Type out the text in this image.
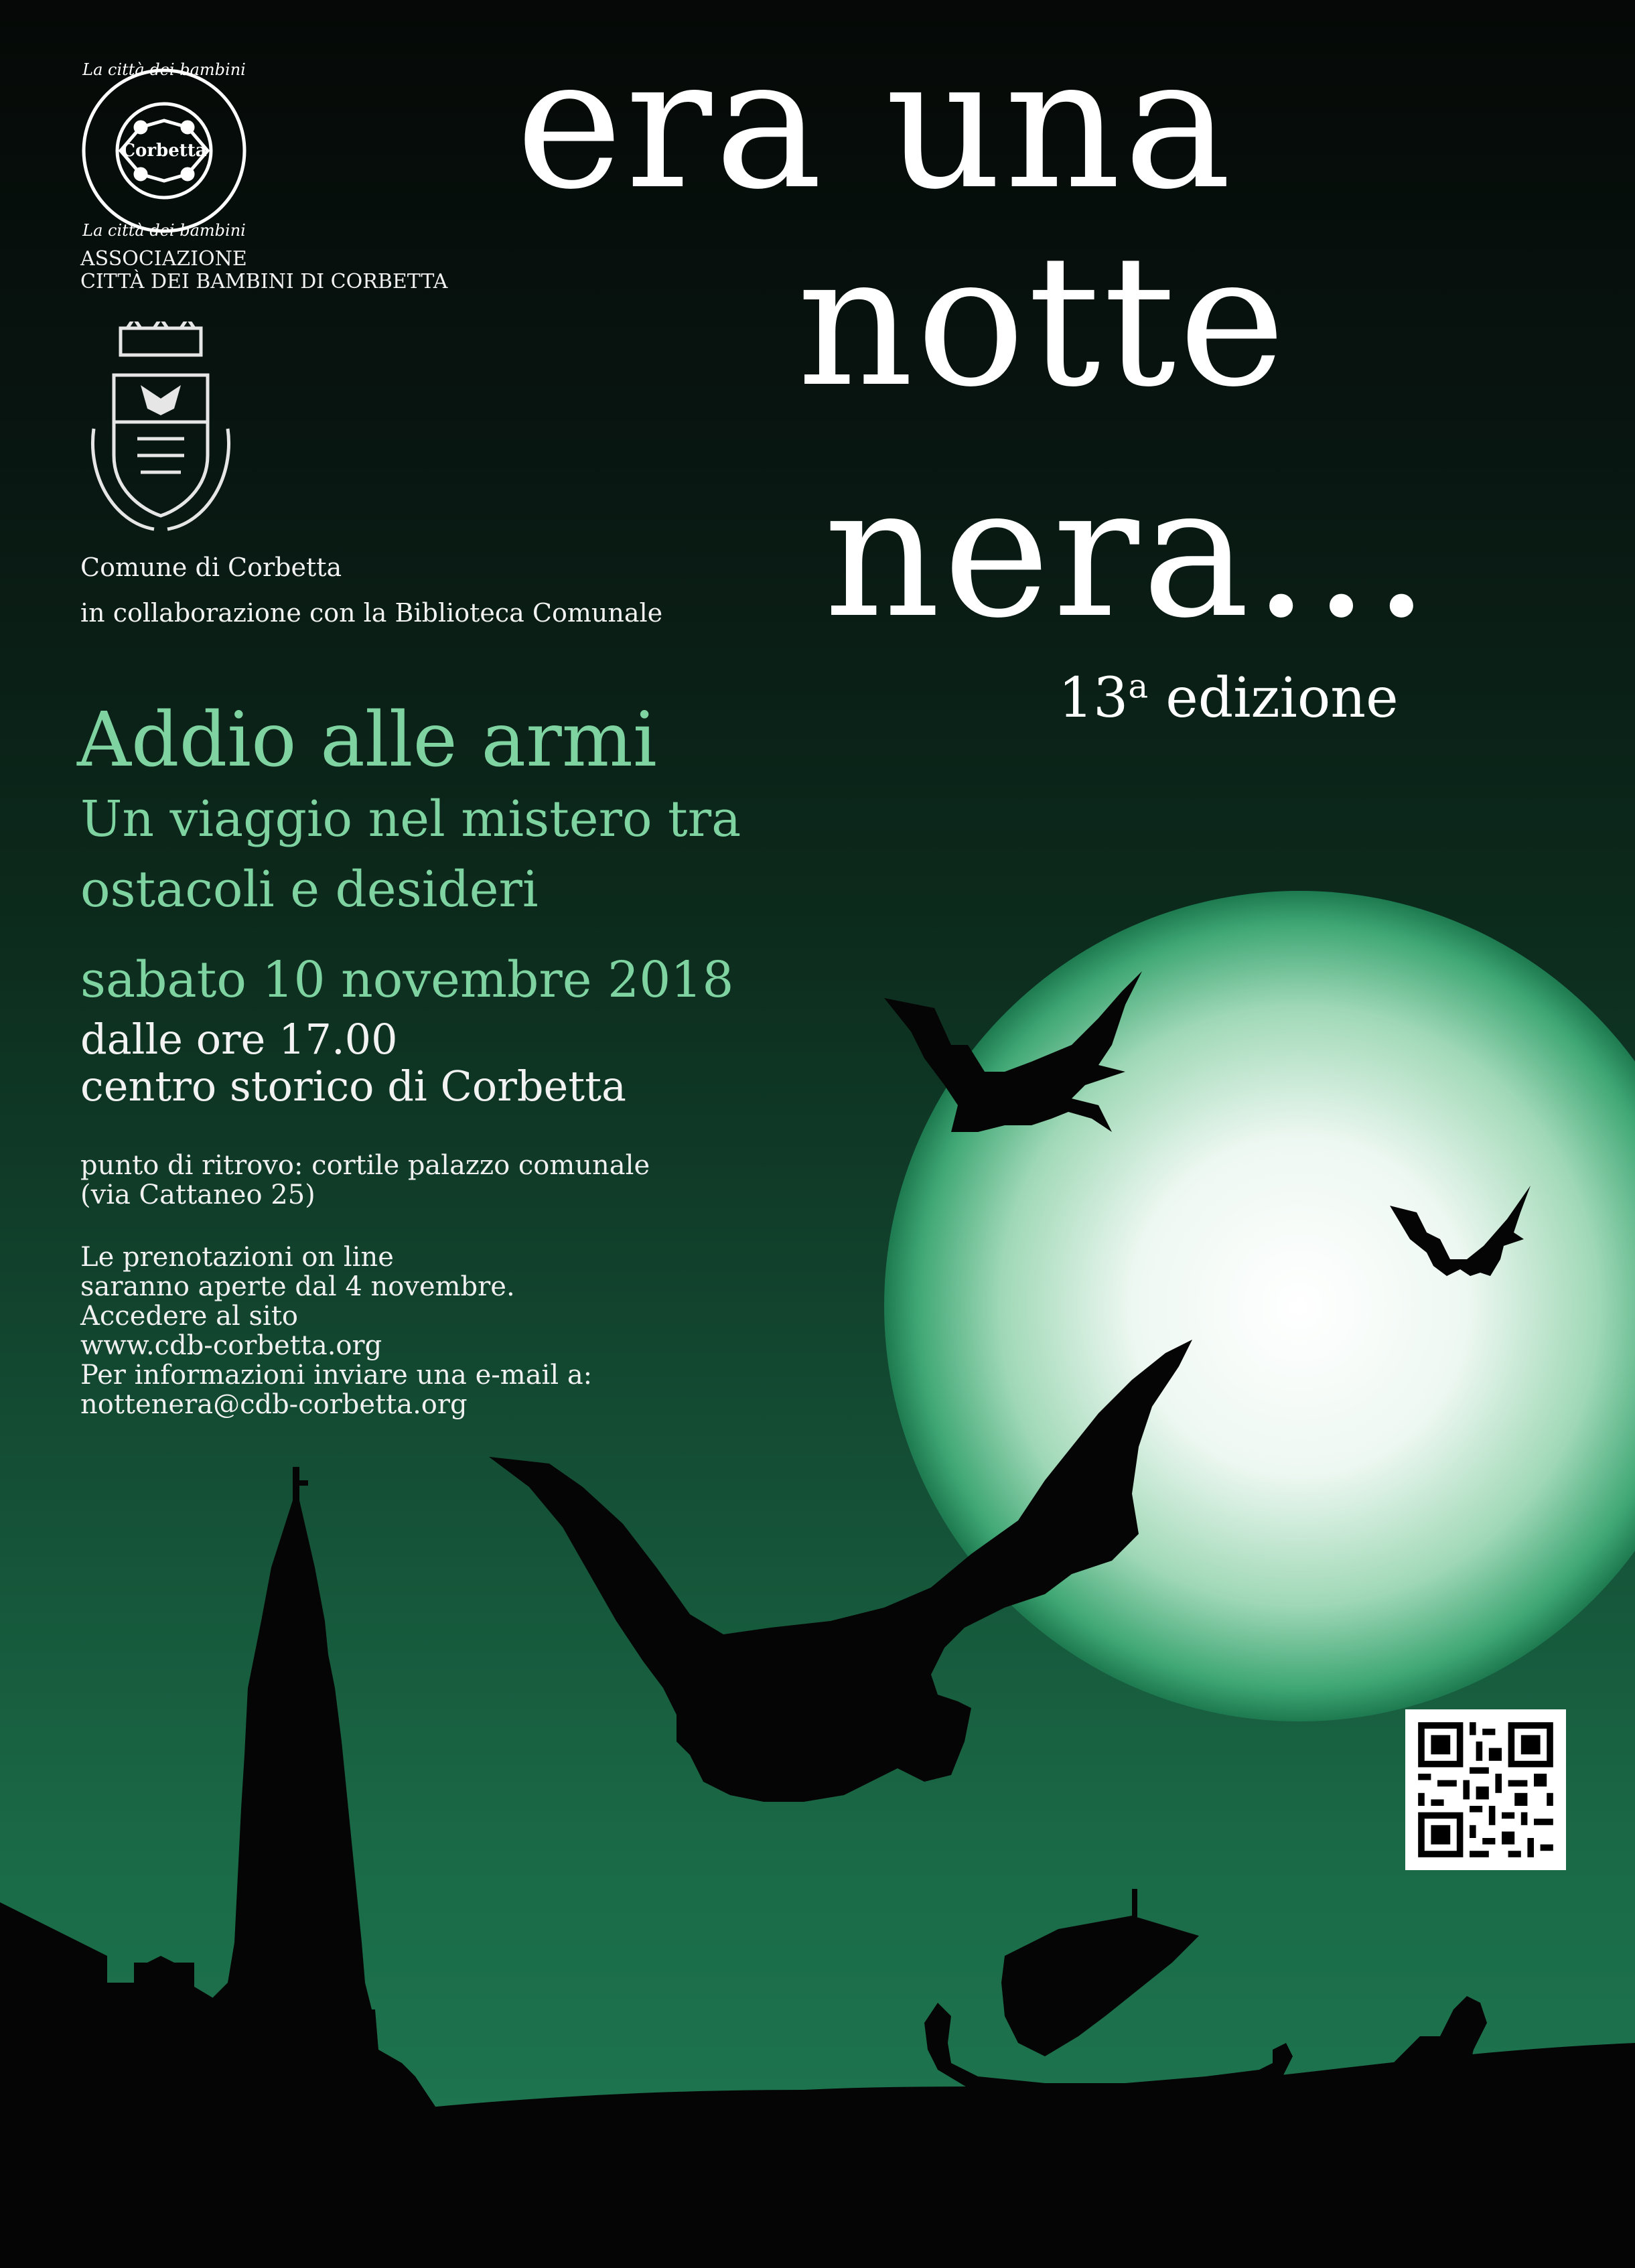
La città dei bambini
Corbetta
La città dei bambini
ASSOCIAZIONE
CITTÀ DEI BAMBINI DI CORBETTA
Comune di Corbetta
in collaborazione con la Biblioteca Comunale
era una
notte
nera...
13$^a$ edizione
Addio alle armi
Un viaggio nel mistero tra
ostacoli e desideri
sabato 10 novembre 2018
dalle ore 17.00
centro storico di Corbetta
punto di ritrovo: cortile palazzo comunale
(via Cattaneo 25)
Le prenotazioni on line
saranno aperte dal 4 novembre.
Accedere al sito
www.cdb-corbetta.org
Per informazioni inviare una e-mail a:
nottenera@cdb-corbetta.org
